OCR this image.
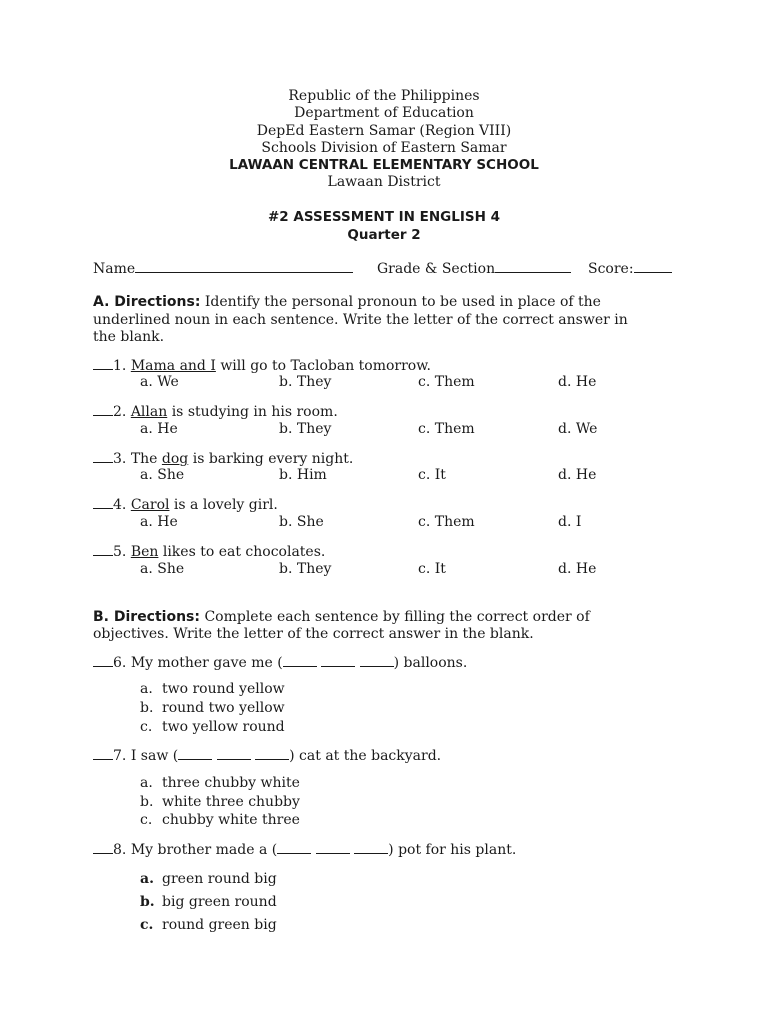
Republic of the Philippines
Department of Education
DepEd Eastern Samar (Region VIII)
Schools Division of Eastern Samar
LAWAAN CENTRAL ELEMENTARY SCHOOL
Lawaan District
#2 ASSESSMENT IN ENGLISH 4
Quarter 2
Name	Grade & Section	Score:
A. Directions: Identify the personal pronoun to be used in place of the
underlined noun in each sentence. Write the letter of the correct answer in
the blank.
1. Mama and I will go to Tacloban tomorrow.
a. We	b. They	c. Them	d. He
2. Allan is studying in his room.
a. He	b. They	c. Them	d. We
3. The dog is barking every night.
a. She	b. Him	c. It	d. He
4. Carol is a lovely girl.
a. He	b. She	c. Them	d. I
5. Ben likes to eat chocolates.
a. She	b. They	c. It	d. He
B. Directions: Complete each sentence by filling the correct order of
objectives. Write the letter of the correct answer in the blank.
6. My mother gave me (	) balloons.
a. two round yellow
b. round two yellow
c. two yellow round
7. I saw (	) cat at the backyard.
a. three chubby white
b. white three chubby
c. chubby white three
8. My brother made a (	) pot for his plant.
a. green round big
b. big green round
c. round green big
